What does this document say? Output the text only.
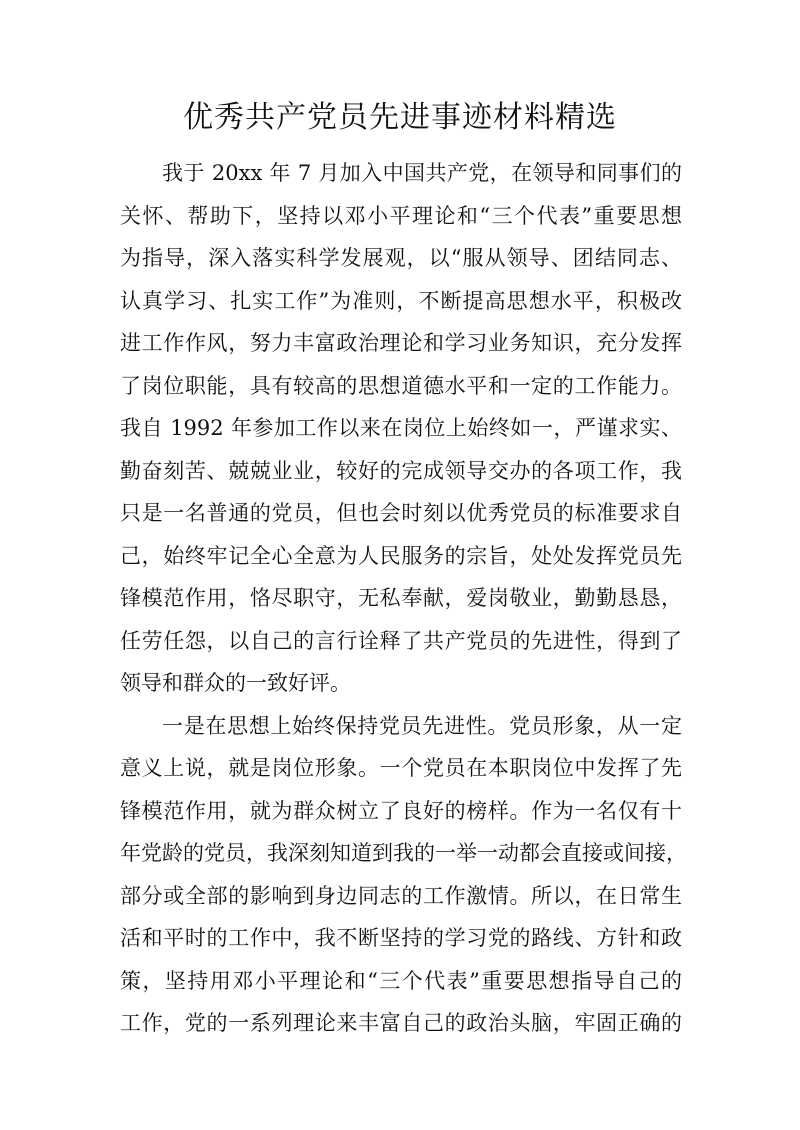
优秀共产党员先进事迹材料精选
我于 20xx 年 7 月加入中国共产党，在领导和同事们的
关怀、帮助下，坚持以邓小平理论和“三个代表”重要思想
为指导，深入落实科学发展观，以“服从领导、团结同志、
认真学习、扎实工作”为准则，不断提高思想水平，积极改
进工作作风，努力丰富政治理论和学习业务知识，充分发挥
了岗位职能，具有较高的思想道德水平和一定的工作能力。
我自 1992 年参加工作以来在岗位上始终如一，严谨求实、
勤奋刻苦、兢兢业业，较好的完成领导交办的各项工作，我
只是一名普通的党员，但也会时刻以优秀党员的标准要求自
己，始终牢记全心全意为人民服务的宗旨，处处发挥党员先
锋模范作用，恪尽职守，无私奉献，爱岗敬业，勤勤恳恳，
任劳任怨，以自己的言行诠释了共产党员的先进性，得到了
领导和群众的一致好评。
一是在思想上始终保持党员先进性。党员形象，从一定
意义上说，就是岗位形象。一个党员在本职岗位中发挥了先
锋模范作用，就为群众树立了良好的榜样。作为一名仅有十
年党龄的党员，我深刻知道到我的一举一动都会直接或间接，
部分或全部的影响到身边同志的工作激情。所以，在日常生
活和平时的工作中，我不断坚持的学习党的路线、方针和政
策，坚持用邓小平理论和“三个代表”重要思想指导自己的
工作，党的一系列理论来丰富自己的政治头脑，牢固正确的
